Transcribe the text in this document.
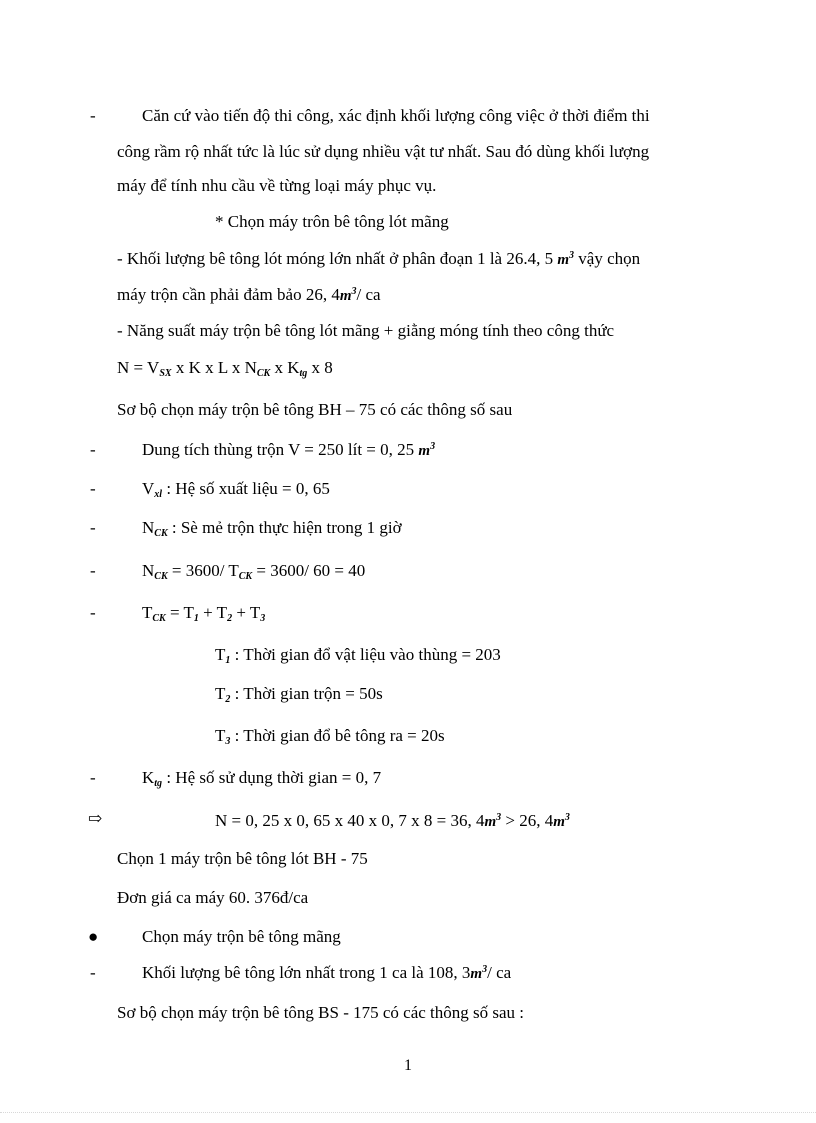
-	Căn cứ vào tiến độ thi công, xác định khối lượng công việc ở thời điểm thi
công rầm rộ nhất tức là lúc sử dụng nhiều vật tư nhất. Sau đó dùng khối lượng
máy để tính nhu cầu về từng loại máy phục vụ.
* Chọn máy trôn bê tông lót mãng
- Khối lượng bê tông lót móng lớn nhất ở phân đoạn 1 là 26.4, 5 $m^3$ vậy chọn
máy trộn cần phải đảm bảo 26, $4m^3/$ ca
- Năng suất máy trộn bê tông lót mãng + giằng móng tính theo công thức
$N = V_{SX}$ x K x L x $N_{CK}$ x $K_{tg}$ x 8
Sơ bộ chọn máy trộn bê tông BH – 75 có các thông số sau
-	Dung tích thùng trộn V = 250 lít = 0, 25 $m^3$
-	$V_{xl}$ : Hệ số xuất liệu = 0, 65
-	$N_{CK}$ : Sè mẻ trộn thực hiện trong 1 giờ
-	$N_{CK} = 3600/$ $T_{CK} = 3600/$ 60 = 40
-	$T_{CK} = T_1 + T_2 + T_3$
$T_1$ : Thời gian đổ vật liệu vào thùng = 203
$T_2$ : Thời gian trộn = 50s
$T_3$ : Thời gian đổ bê tông ra = 20s
-	$K_{tg}$ : Hệ số sử dụng thời gian = 0, 7
⇨	N = 0, 25 x 0, 65 x 40 x 0, 7 x 8 = 36, $4m^3 > 26$, $4m^3$
Chọn 1 máy trộn bê tông lót BH - 75
Đơn giá ca máy 60. 376đ/ca
●	Chọn máy trộn bê tông mãng
-	Khối lượng bê tông lớn nhất trong 1 ca là 108, $3m^3/$ ca
Sơ bộ chọn máy trộn bê tông BS - 175 có các thông số sau :
1
